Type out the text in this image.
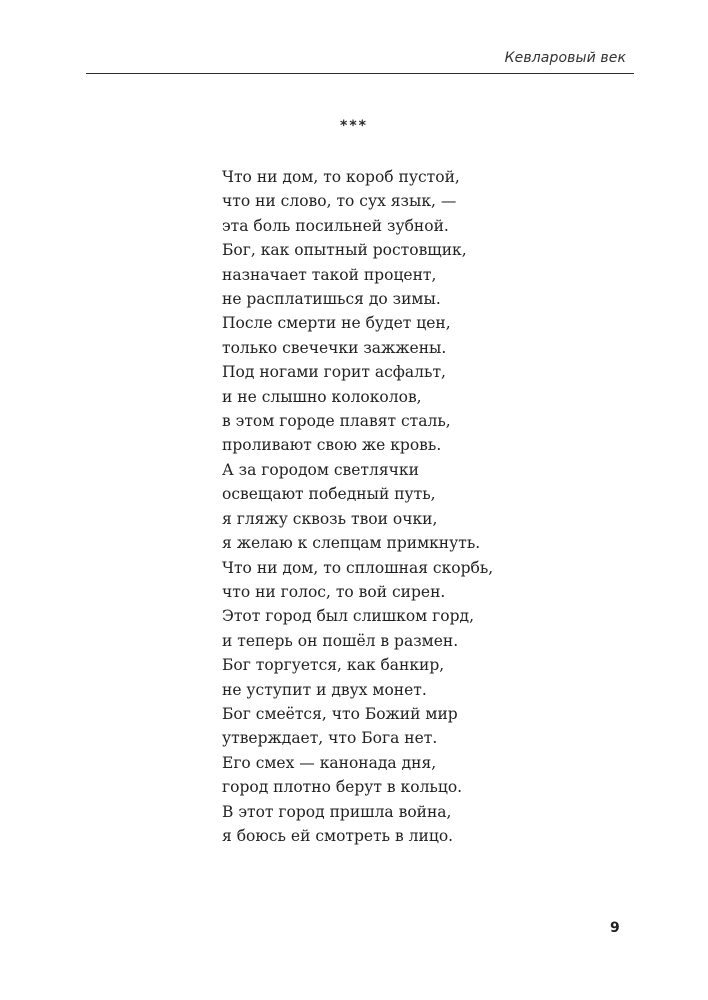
Кевларовый век
***
Что ни дом, то короб пустой,
что ни слово, то сух язык, —
эта боль посильней зубной.
Бог, как опытный ростовщик,
назначает такой процент,
не расплатишься до зимы.
После смерти не будет цен,
только свечечки зажжены.
Под ногами горит асфальт,
и не слышно колоколов,
в этом городе плавят сталь,
проливают свою же кровь.
А за городом светлячки
освещают победный путь,
я гляжу сквозь твои очки,
я желаю к слепцам примкнуть.
Что ни дом, то сплошная скорбь,
что ни голос, то вой сирен.
Этот город был слишком горд,
и теперь он пошёл в размен.
Бог торгуется, как банкир,
не уступит и двух монет.
Бог смеётся, что Божий мир
утверждает, что Бога нет.
Его смех — канонада дня,
город плотно берут в кольцо.
В этот город пришла война,
я боюсь ей смотреть в лицо.
9
